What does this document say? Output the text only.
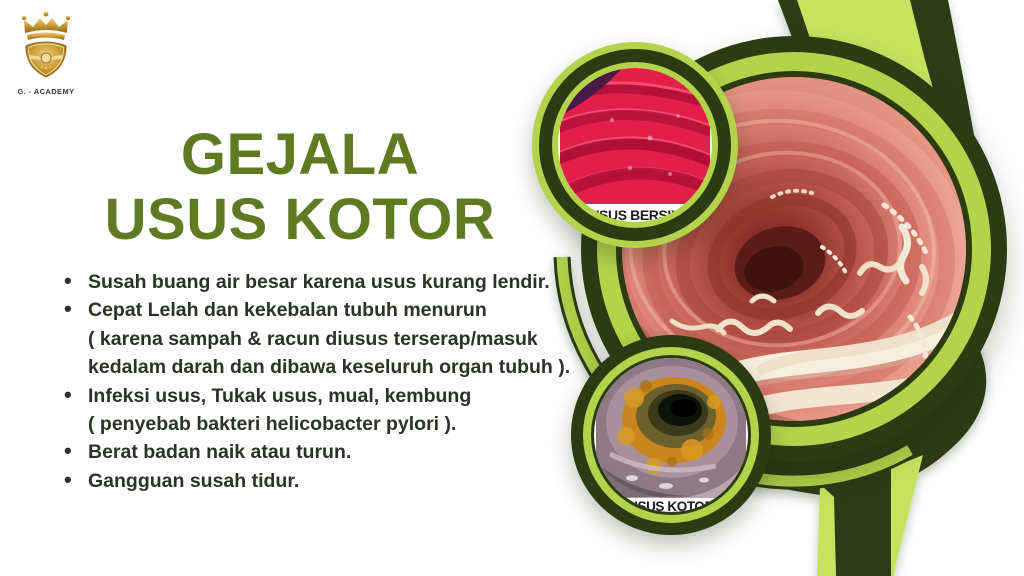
USUS BERSIH
USUS KOTOR
G. - ACADEMY
GEJALA
USUS KOTOR
• Susah buang air besar karena usus kurang lendir.
• Cepat Lelah dan kekebalan tubuh menurun
( karena sampah & racun diusus terserap/masuk
kedalam darah dan dibawa keseluruh organ tubuh ).
• Infeksi usus, Tukak usus, mual, kembung
( penyebab bakteri helicobacter pylori ).
• Berat badan naik atau turun.
• Gangguan susah tidur.
